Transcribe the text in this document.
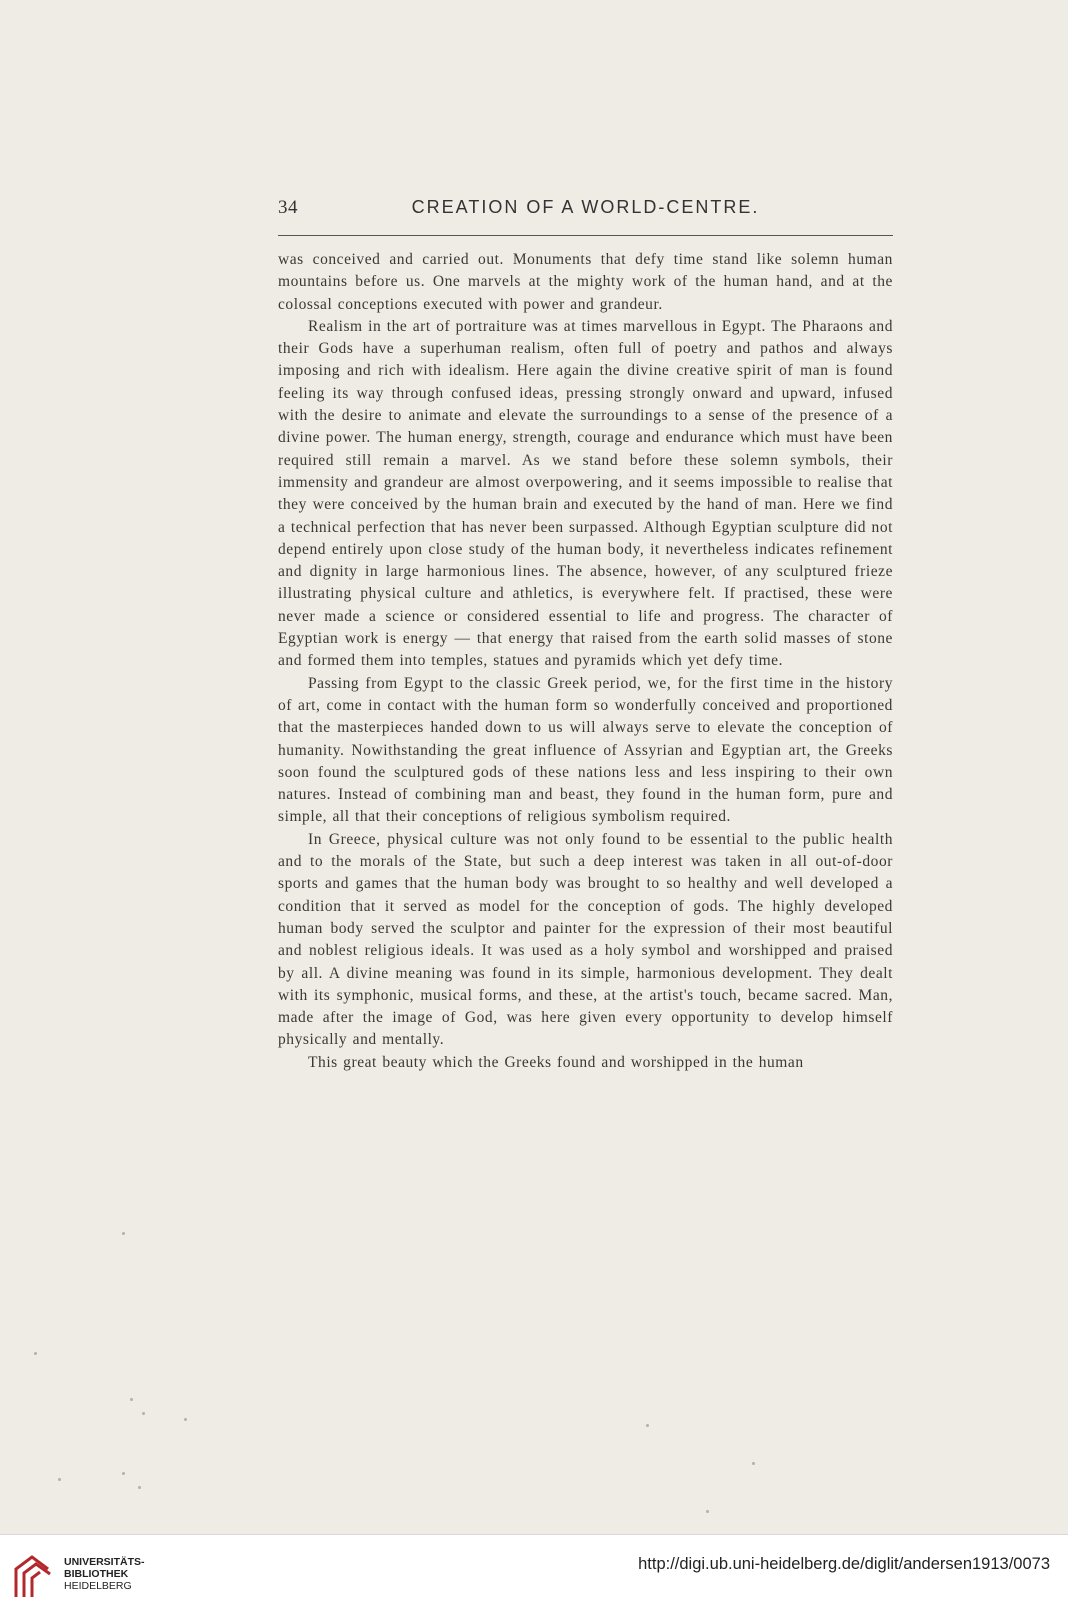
34	CREATION OF A WORLD-CENTRE.

was conceived and carried out. Monuments that defy time stand like solemn human mountains before us. One marvels at the mighty work of the human hand, and at the colossal conceptions executed with power and grandeur.

Realism in the art of portraiture was at times marvellous in Egypt. The Pharaons and their Gods have a superhuman realism, often full of poetry and pathos and always imposing and rich with idealism. Here again the divine creative spirit of man is found feeling its way through confused ideas, pressing strongly onward and upward, infused with the desire to animate and elevate the surroundings to a sense of the presence of a divine power. The human energy, strength, courage and endurance which must have been required still remain a marvel. As we stand before these solemn symbols, their immensity and grandeur are almost overpowering, and it seems impossible to realise that they were conceived by the human brain and executed by the hand of man. Here we find a technical perfection that has never been surpassed. Although Egyptian sculpture did not depend entirely upon close study of the human body, it nevertheless indicates refinement and dignity in large harmonious lines. The absence, however, of any sculptured frieze illustrating physical culture and athletics, is everywhere felt. If practised, these were never made a science or considered essential to life and progress. The character of Egyptian work is energy — that energy that raised from the earth solid masses of stone and formed them into temples, statues and pyramids which yet defy time.

Passing from Egypt to the classic Greek period, we, for the first time in the history of art, come in contact with the human form so wonderfully conceived and proportioned that the masterpieces handed down to us will always serve to elevate the conception of humanity. Nowithstanding the great influence of Assyrian and Egyptian art, the Greeks soon found the sculptured gods of these nations less and less inspiring to their own natures. Instead of combining man and beast, they found in the human form, pure and simple, all that their conceptions of religious symbolism required.

In Greece, physical culture was not only found to be essential to the public health and to the morals of the State, but such a deep interest was taken in all out-of-door sports and games that the human body was brought to so healthy and well developed a condition that it served as model for the conception of gods. The highly developed human body served the sculptor and painter for the expression of their most beautiful and noblest religious ideals. It was used as a holy symbol and worshipped and praised by all. A divine meaning was found in its simple, harmonious development. They dealt with its symphonic, musical forms, and these, at the artist's touch, became sacred. Man, made after the image of God, was here given every opportunity to develop himself physically and mentally.

This great beauty which the Greeks found and worshipped in the human

UNIVERSITÄTS-
BIBLIOTHEK
HEIDELBERG
http://digi.ub.uni-heidelberg.de/diglit/andersen1913/0073
